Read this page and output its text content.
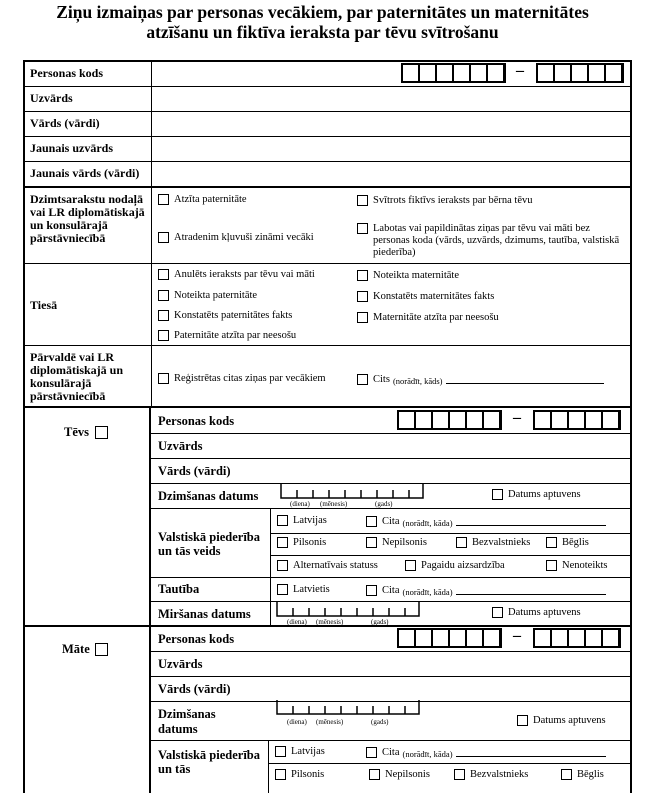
Ziņu izmaiņas par personas vecākiem, par paternitātes un maternitātes
atzīšanu un fiktīva ieraksta par tēvu svītrošanu
Personas kods	–
Uzvārds
Vārds (vārdi)
Jaunais uzvārds
Jaunais vārds (vārdi)
Dzimtsarakstu nodaļā vai LR diplomātiskajā un konsulārajā pārstāvniecībā
Atzīta paternitāte	Svītrots fiktīvs ieraksts par bērna tēvu
Atradenim kļuvuši zināmi vecāki
Labotas vai papildinātas ziņas par tēvu vai māti bez personas koda (vārds, uzvārds, dzimums, tautība, valstiskā piederība)
Tiesā
Anulēts ieraksts par tēvu vai māti	Noteikta maternitāte
Noteikta paternitāte	Konstatēts maternitātes fakts
Konstatēts paternitātes fakts	Maternitāte atzīta par neesošu
Paternitāte atzīta par neesošu
Pārvaldē vai LR diplomātiskajā un konsulārajā pārstāvniecībā
Reģistrētas citas ziņas par vecākiem	Cits (norādīt, kāds)
Tēvs
Personas kods	–
Uzvārds
Vārds (vārdi)
Dzimšanas datums
(diena) (mēnesis)	(gads)
Datums aptuvens
Valstiskā piederība un tās veids
Latvijas	Cita (norādīt, kāda)
Pilsonis	Nepilsonis	Bezvalstnieks	Bēglis
Alternatīvais statuss	Pagaidu aizsardzība	Nenoteikts
Tautība	Latvietis	Cita (norādīt, kāda)
Miršanas datums
(diena) (mēnesis)	(gads)
Datums aptuvens
Māte
Personas kods	–
Uzvārds
Vārds (vārdi)
Dzimšanas
datums	(diena) (mēnesis)	(gads)	Datums aptuvens
Valstiskā piederība un tās
Latvijas	Cita (norādīt, kāda)
Pilsonis	Nepilsonis	Bezvalstnieks	Bēglis
